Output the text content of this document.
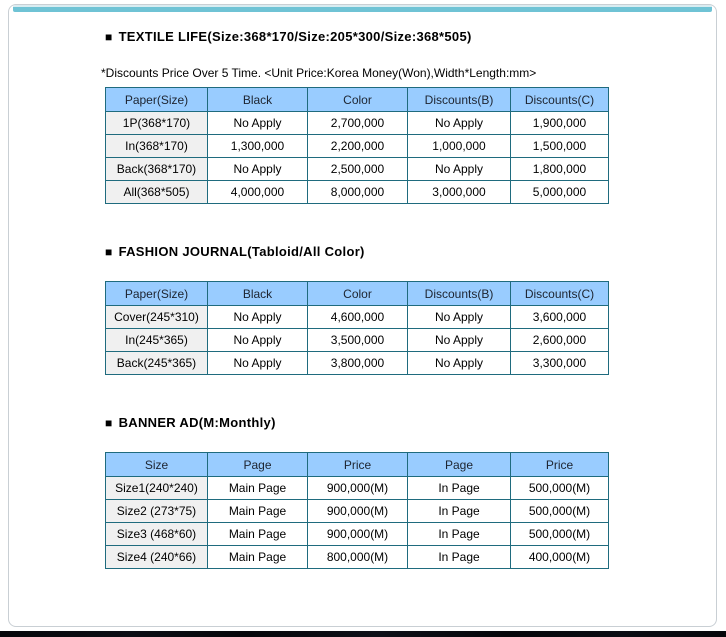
■ TEXTILE LIFE(Size:368*170/Size:205*300/Size:368*505)
*Discounts Price Over 5 Time. <Unit Price:Korea Money(Won),Width*Length:mm>
Paper(Size)	Black	Color	Discounts(B)	Discounts(C)
1P(368*170)	No Apply	2,700,000	No Apply	1,900,000
In(368*170)	1,300,000	2,200,000	1,000,000	1,500,000
Back(368*170)	No Apply	2,500,000	No Apply	1,800,000
All(368*505)	4,000,000	8,000,000	3,000,000	5,000,000
■ FASHION JOURNAL(Tabloid/All Color)
Paper(Size)	Black	Color	Discounts(B)	Discounts(C)
Cover(245*310)	No Apply	4,600,000	No Apply	3,600,000
In(245*365)	No Apply	3,500,000	No Apply	2,600,000
Back(245*365)	No Apply	3,800,000	No Apply	3,300,000
■ BANNER AD(M:Monthly)
Size	Page	Price	Page	Price
Size1(240*240)	Main Page	900,000(M)	In Page	500,000(M)
Size2 (273*75)	Main Page	900,000(M)	In Page	500,000(M)
Size3 (468*60)	Main Page	900,000(M)	In Page	500,000(M)
Size4 (240*66)	Main Page	800,000(M)	In Page	400,000(M)
